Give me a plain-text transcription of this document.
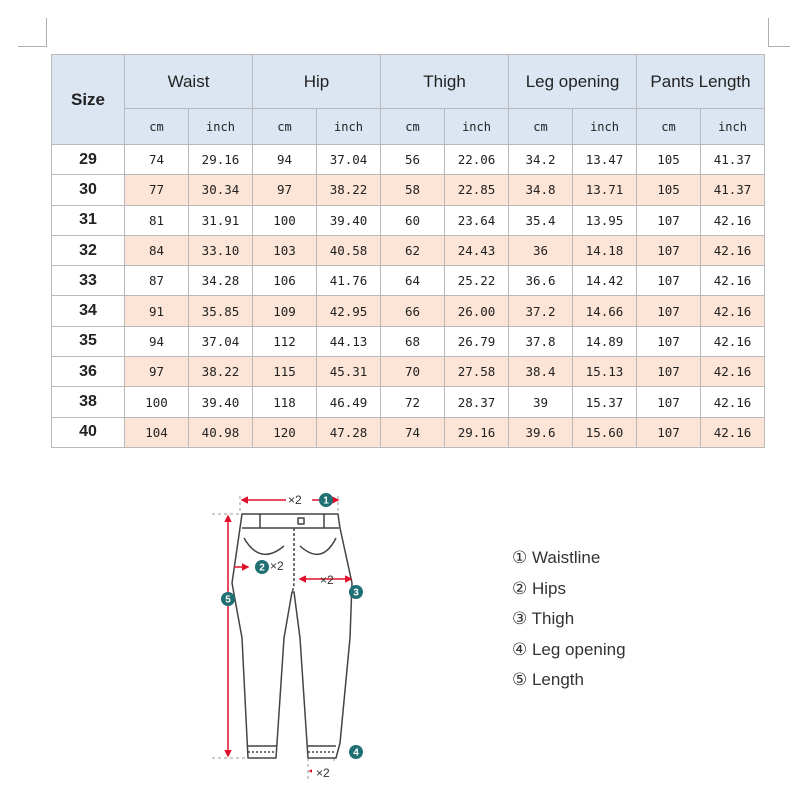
Size	Waist		Hip		Thigh		Leg opening		Pants Length	
	cm	inch	cm	inch	cm	inch	cm	inch	cm	inch
29	74	29.16	94	37.04	56	22.06	34.2	13.47	105	41.37
30	77	30.34	97	38.22	58	22.85	34.8	13.71	105	41.37
31	81	31.91	100	39.40	60	23.64	35.4	13.95	107	42.16
32	84	33.10	103	40.58	62	24.43	36	14.18	107	42.16
33	87	34.28	106	41.76	64	25.22	36.6	14.42	107	42.16
34	91	35.85	109	42.95	66	26.00	37.2	14.66	107	42.16
35	94	37.04	112	44.13	68	26.79	37.8	14.89	107	42.16
36	97	38.22	115	45.31	70	27.58	38.4	15.13	107	42.16
38	100	39.40	118	46.49	72	28.37	39	15.37	107	42.16
40	104	40.98	120	47.28	74	29.16	39.6	15.60	107	42.16
×2
×2
×2
×2
1
2
3
4
5
① Waistline
② Hips
③ Thigh
④ Leg opening
⑤ Length
